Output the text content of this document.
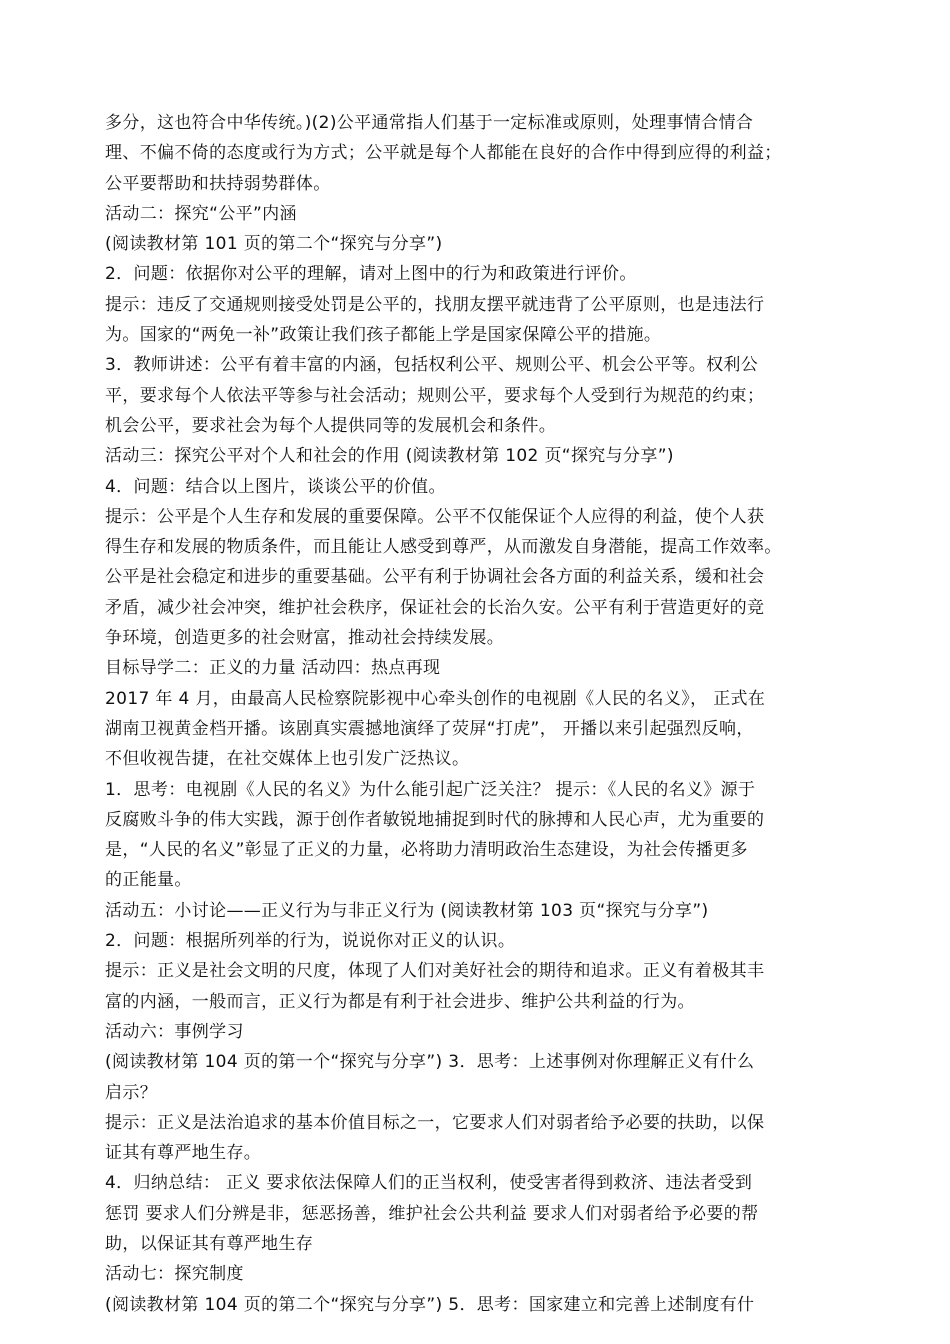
多分，这也符合中华传统。)(2)公平通常指人们基于一定标准或原则，处理事情合情合
理、不偏不倚的态度或行为方式；公平就是每个人都能在良好的合作中得到应得的利益；
公平要帮助和扶持弱势群体。
活动二：探究“公平”内涵
(阅读教材第 101 页的第二个“探究与分享”)
2．问题：依据你对公平的理解，请对上图中的行为和政策进行评价。
提示：违反了交通规则接受处罚是公平的，找朋友摆平就违背了公平原则，也是违法行
为。国家的“两免一补”政策让我们孩子都能上学是国家保障公平的措施。
3．教师讲述：公平有着丰富的内涵，包括权利公平、规则公平、机会公平等。权利公
平，要求每个人依法平等参与社会活动；规则公平，要求每个人受到行为规范的约束；
机会公平，要求社会为每个人提供同等的发展机会和条件。
活动三：探究公平对个人和社会的作用 (阅读教材第 102 页“探究与分享”)
4．问题：结合以上图片，谈谈公平的价值。
提示：公平是个人生存和发展的重要保障。公平不仅能保证个人应得的利益，使个人获
得生存和发展的物质条件，而且能让人感受到尊严，从而激发自身潜能，提高工作效率。
公平是社会稳定和进步的重要基础。公平有利于协调社会各方面的利益关系，缓和社会
矛盾，减少社会冲突，维护社会秩序，保证社会的长治久安。公平有利于营造更好的竞
争环境，创造更多的社会财富，推动社会持续发展。
目标导学二：正义的力量 活动四：热点再现
2017 年 4 月，由最高人民检察院影视中心牵头创作的电视剧《人民的名义》， 正式在
湖南卫视黄金档开播。该剧真实震撼地演绎了荧屏“打虎”， 开播以来引起强烈反响，
不但收视告捷，在社交媒体上也引发广泛热议。
1．思考：电视剧《人民的名义》为什么能引起广泛关注？ 提示：《人民的名义》源于
反腐败斗争的伟大实践，源于创作者敏锐地捕捉到时代的脉搏和人民心声，尤为重要的
是，“人民的名义”彰显了正义的力量，必将助力清明政治生态建设，为社会传播更多
的正能量。
活动五：小讨论——正义行为与非正义行为 (阅读教材第 103 页“探究与分享”)
2．问题：根据所列举的行为，说说你对正义的认识。
提示：正义是社会文明的尺度，体现了人们对美好社会的期待和追求。正义有着极其丰
富的内涵，一般而言，正义行为都是有利于社会进步、维护公共利益的行为。
活动六：事例学习
(阅读教材第 104 页的第一个“探究与分享”) 3．思考：上述事例对你理解正义有什么
启示？
提示：正义是法治追求的基本价值目标之一，它要求人们对弱者给予必要的扶助，以保
证其有尊严地生存。
4．归纳总结： 正义 要求依法保障人们的正当权利，使受害者得到救济、违法者受到
惩罚 要求人们分辨是非，惩恶扬善，维护社会公共利益 要求人们对弱者给予必要的帮
助，以保证其有尊严地生存
活动七：探究制度
(阅读教材第 104 页的第二个“探究与分享”) 5．思考：国家建立和完善上述制度有什
